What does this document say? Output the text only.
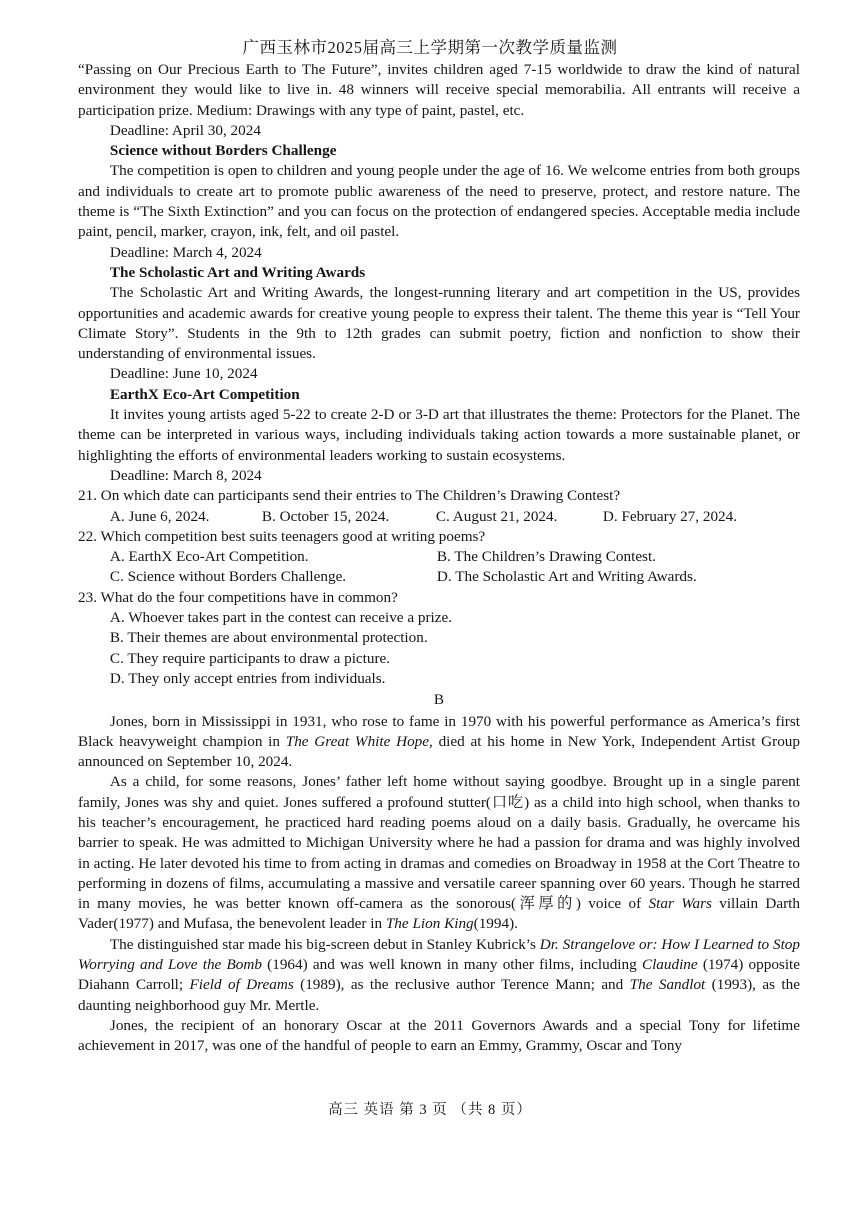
广西玉林市2025届高三上学期第一次教学质量监测

“Passing on Our Precious Earth to The Future”, invites children aged 7-15 worldwide to draw the kind of natural environment they would like to live in. 48 winners will receive special memorabilia. All entrants will receive a participation prize. Medium: Drawings with any type of paint, pastel, etc.

Deadline: April 30, 2024

Science without Borders Challenge

The competition is open to children and young people under the age of 16. We welcome entries from both groups and individuals to create art to promote public awareness of the need to preserve, protect, and restore nature. The theme is “The Sixth Extinction” and you can focus on the protection of endangered species. Acceptable media include paint, pencil, marker, crayon, ink, felt, and oil pastel.

Deadline: March 4, 2024

The Scholastic Art and Writing Awards

The Scholastic Art and Writing Awards, the longest-running literary and art competition in the US, provides opportunities and academic awards for creative young people to express their talent. The theme this year is “Tell Your Climate Story”. Students in the 9th to 12th grades can submit poetry, fiction and nonfiction to show their understanding of environmental issues.

Deadline: June 10, 2024

EarthX Eco-Art Competition

It invites young artists aged 5-22 to create 2-D or 3-D art that illustrates the theme: Protectors for the Planet. The theme can be interpreted in various ways, including individuals taking action towards a more sustainable planet, or highlighting the efforts of environmental leaders working to sustain ecosystems.

Deadline: March 8, 2024

21. On which date can participants send their entries to The Children’s Drawing Contest?

A. June 6, 2024.	B. October 15, 2024.	C. August 21, 2024.	D. February 27, 2024.

22. Which competition best suits teenagers good at writing poems?

A. EarthX Eco-Art Competition.	B. The Children’s Drawing Contest.
C. Science without Borders Challenge.	D. The Scholastic Art and Writing Awards.

23. What do the four competitions have in common?

A. Whoever takes part in the contest can receive a prize.

B. Their themes are about environmental protection.

C. They require participants to draw a picture.

D. They only accept entries from individuals.

B

Jones, born in Mississippi in 1931, who rose to fame in 1970 with his powerful performance as America’s first Black heavyweight champion in The Great White Hope, died at his home in New York, Independent Artist Group announced on September 10, 2024.

As a child, for some reasons, Jones’ father left home without saying goodbye. Brought up in a single parent family, Jones was shy and quiet. Jones suffered a profound stutter(口吃) as a child into high school, when thanks to his teacher’s encouragement, he practiced hard reading poems aloud on a daily basis. Gradually, he overcame his barrier to speak. He was admitted to Michigan University where he had a passion for drama and was highly involved in acting. He later devoted his time to from acting in dramas and comedies on Broadway in 1958 at the Cort Theatre to performing in dozens of films, accumulating a massive and versatile career spanning over 60 years. Though he starred in many movies, he was better known off-camera as the sonorous(浑厚的) voice of Star Wars villain Darth Vader(1977) and Mufasa, the benevolent leader in The Lion King(1994).

The distinguished star made his big-screen debut in Stanley Kubrick’s Dr. Strangelove or: How I Learned to Stop Worrying and Love the Bomb (1964) and was well known in many other films, including Claudine (1974) opposite Diahann Carroll; Field of Dreams (1989), as the reclusive author Terence Mann; and The Sandlot (1993), as the daunting neighborhood guy Mr. Mertle.

Jones, the recipient of an honorary Oscar at the 2011 Governors Awards and a special Tony for lifetime achievement in 2017, was one of the handful of people to earn an Emmy, Grammy, Oscar and Tony

高三 英语 第 3 页 （共 8 页）
